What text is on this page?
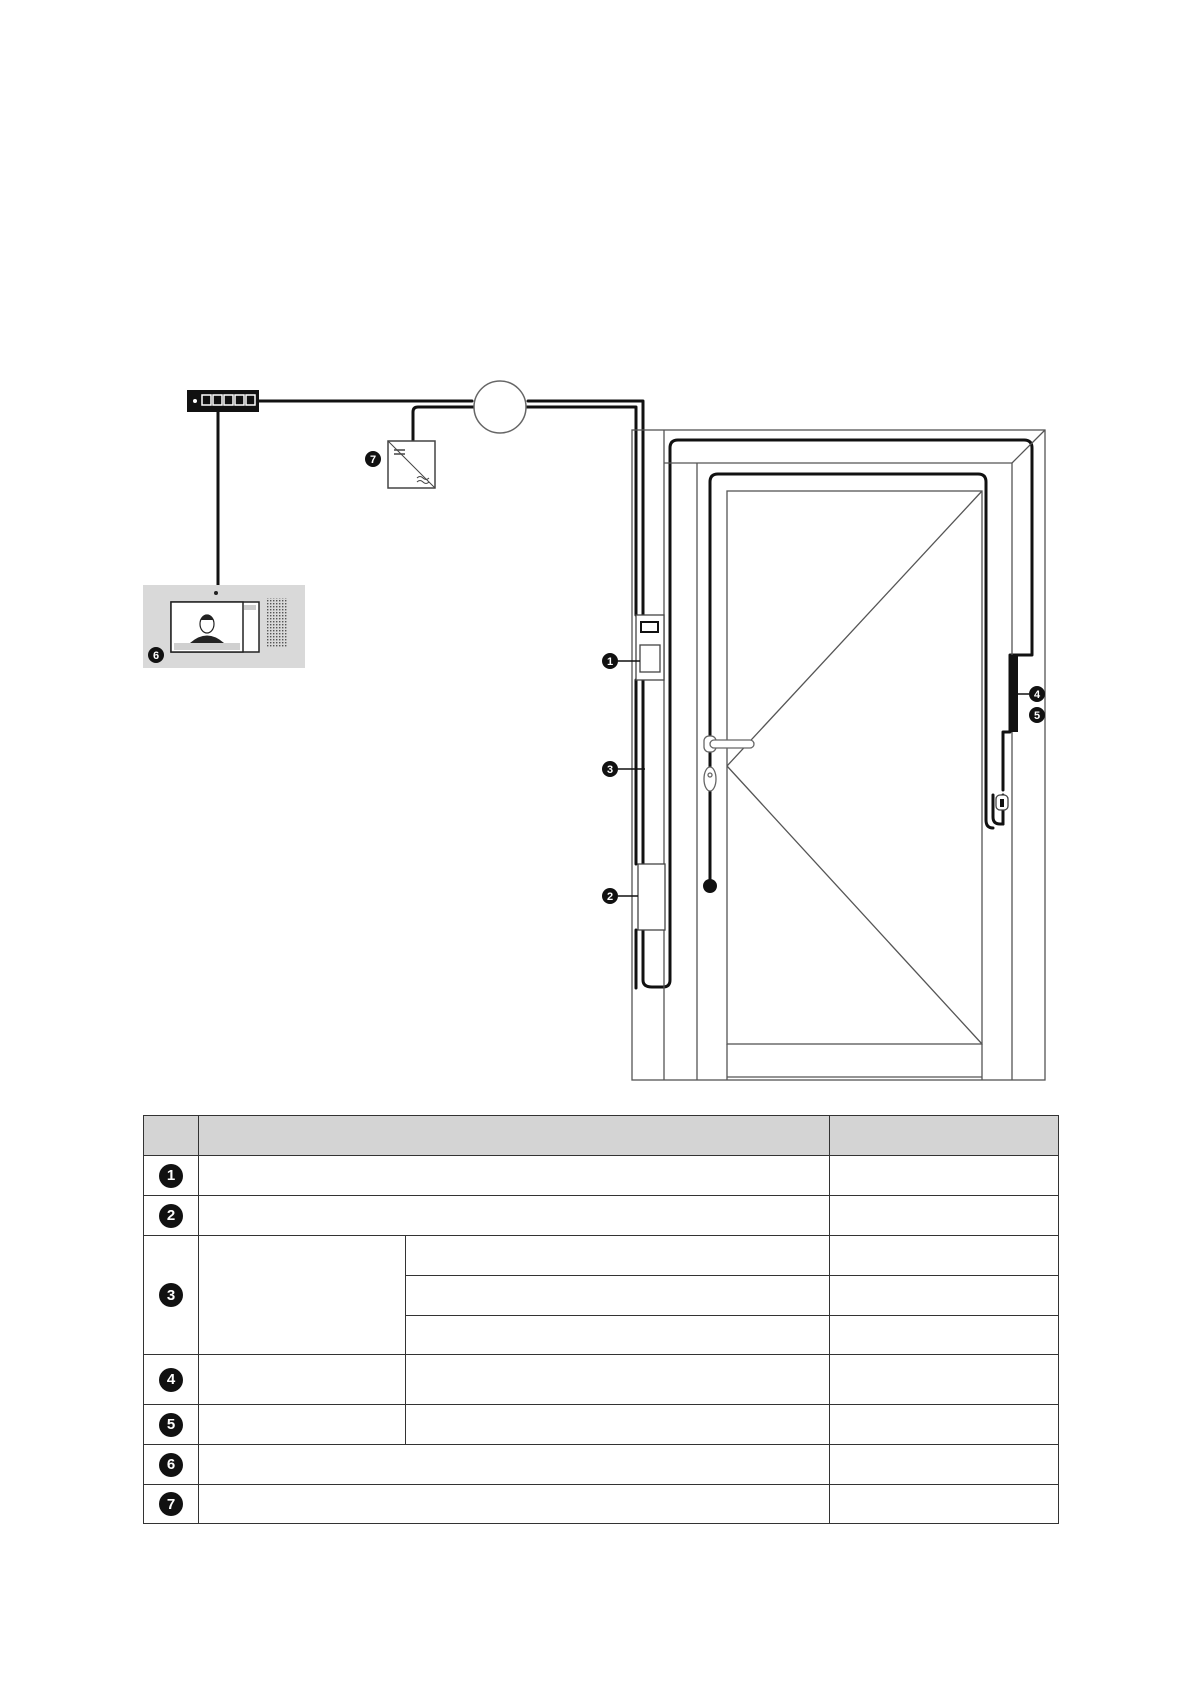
1
2
3
4
5
6
7

1			
2			
3			

4			
5			
6			
7			
